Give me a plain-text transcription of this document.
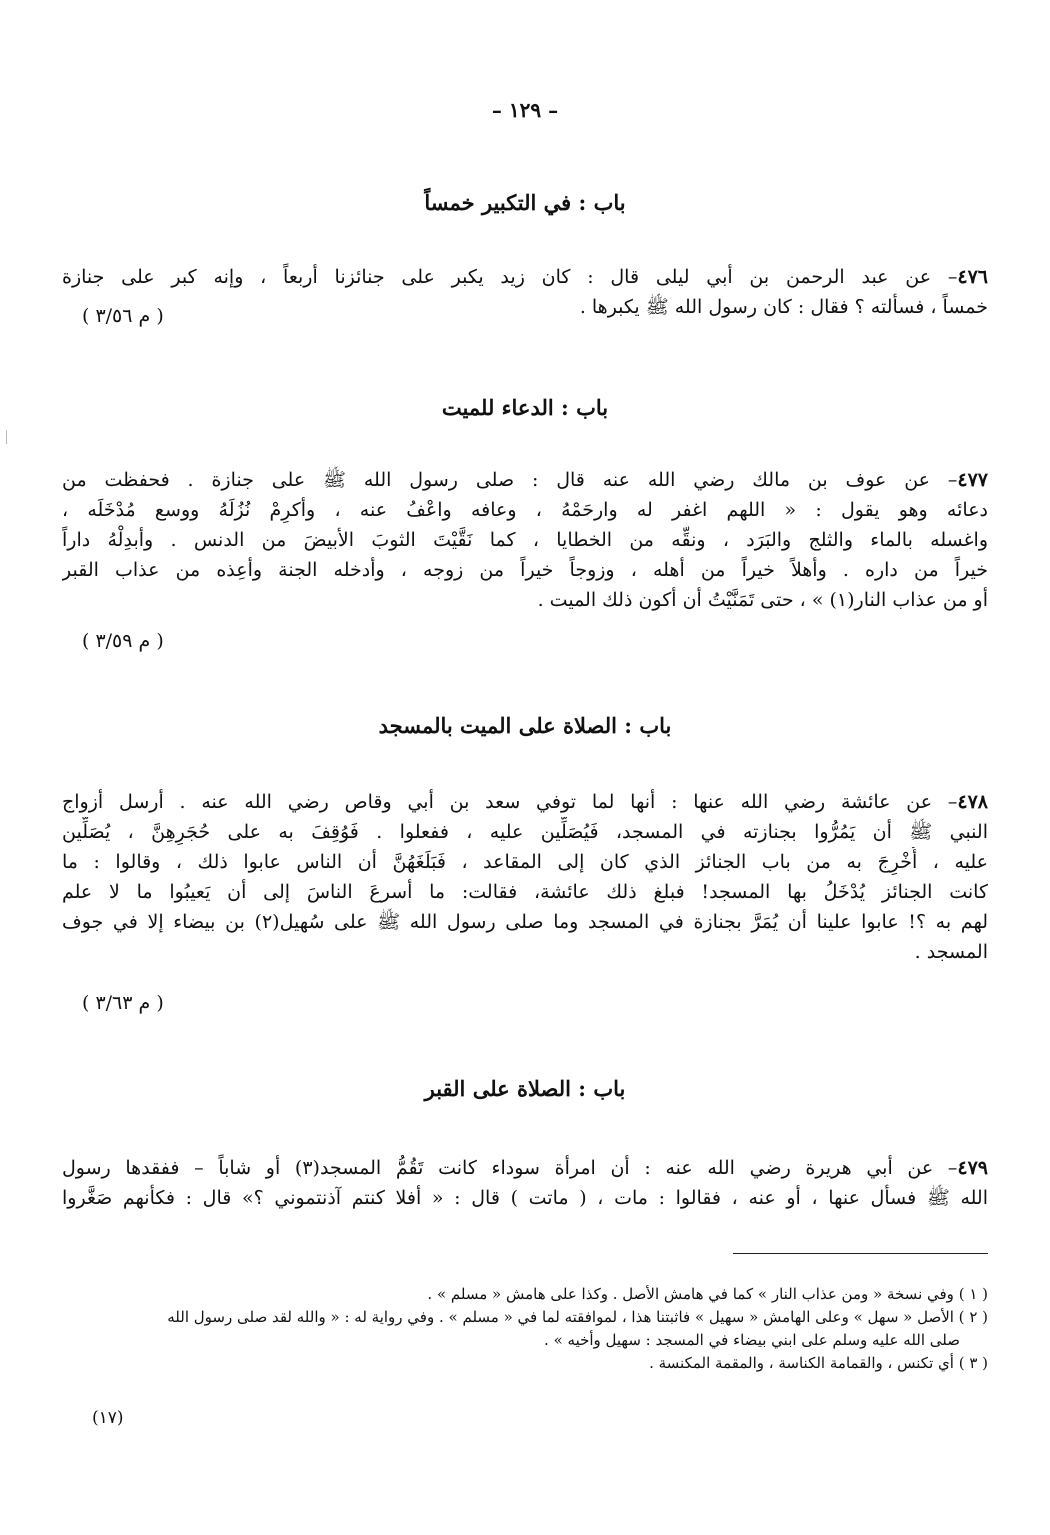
– ١٢٩ –
باب : في التكبير خمساً
٤٧٦– عن عبد الرحمن بن أبي ليلى قال : كان زيد يكبر على جنائزنا أربعاً ، وإنه كبر على جنازة
خمساً ، فسألته ؟ فقال : كان رسول الله ﷺ يكبرها .
( م ٣/٥٦ )
باب : الدعاء للميت
٤٧٧– عن عوف بن مالك رضي الله عنه قال : صلى رسول الله ﷺ على جنازة . فحفظت من
دعائه وهو يقول : « اللهم اغفر له وارحَمْهُ ، وعافه واعْفُ عنه ، وأكرِمْ نُزُلَهُ ووسع مُدْخَلَه ،
واغسله بالماء والثلج والبَرَد ، ونقِّه من الخطايا ، كما نَقَّيْتَ الثوبَ الأبيضَ من الدنس . وأبدِلْهُ داراً
خيراً من داره . وأهلاً خيراً من أهله ، وزوجاً خيراً من زوجه ، وأدخله الجنة وأعِذه من عذاب القبر
أو من عذاب النار(١) » ، حتى تَمَنَّيْتُ أن أكون ذلك الميت .
( م ٣/٥٩ )
باب : الصلاة على الميت بالمسجد
٤٧٨– عن عائشة رضي الله عنها : أنها لما توفي سعد بن أبي وقاص رضي الله عنه . أرسل أزواج
النبي ﷺ أن يَمُرُّوا بجنازته في المسجد، فَيُصَلِّين عليه ، ففعلوا . فَوُقِفَ به على حُجَرِهِنَّ ، يُصَلِّين
عليه ، أُخْرِجَ به من باب الجنائز الذي كان إلى المقاعد ، فَبَلَغَهُنَّ أن الناس عابوا ذلك ، وقالوا : ما
كانت الجنائز يُدْخَلُ بها المسجد! فبلغ ذلك عائشة، فقالت: ما أسرعَ الناسَ إلى أن يَعيبُوا ما لا علم
لهم به ؟! عابوا علينا أن يُمَرَّ بجنازة في المسجد وما صلى رسول الله ﷺ على سُهيل(٢) بن بيضاء إلا في جوف
المسجد .
( م ٣/٦٣ )
باب : الصلاة على القبر
٤٧٩– عن أبي هريرة رضي الله عنه : أن امرأة سوداء كانت تَقُمُّ المسجد(٣) أو شاباً – ففقدها رسول
الله ﷺ فسأل عنها ، أو عنه ، فقالوا : مات ، ( ماتت ) قال : « أفلا كنتم آذنتموني ؟» قال : فكأنهم صَغَّروا
( ١ ) وفي نسخة « ومن عذاب النار » كما في هامش الأصل . وكذا على هامش « مسلم » .
( ٢ ) الأصل « سهل » وعلى الهامش « سهيل » فاثبتنا هذا ، لموافقته لما في « مسلم » . وفي رواية له : « والله لقد صلى رسول الله
صلى الله عليه وسلم على ابني بيضاء في المسجد : سهيل وأخيه » .
( ٣ ) أي تكنس ، والقمامة الكناسة ، والمقمة المكنسة .
(١٧)
